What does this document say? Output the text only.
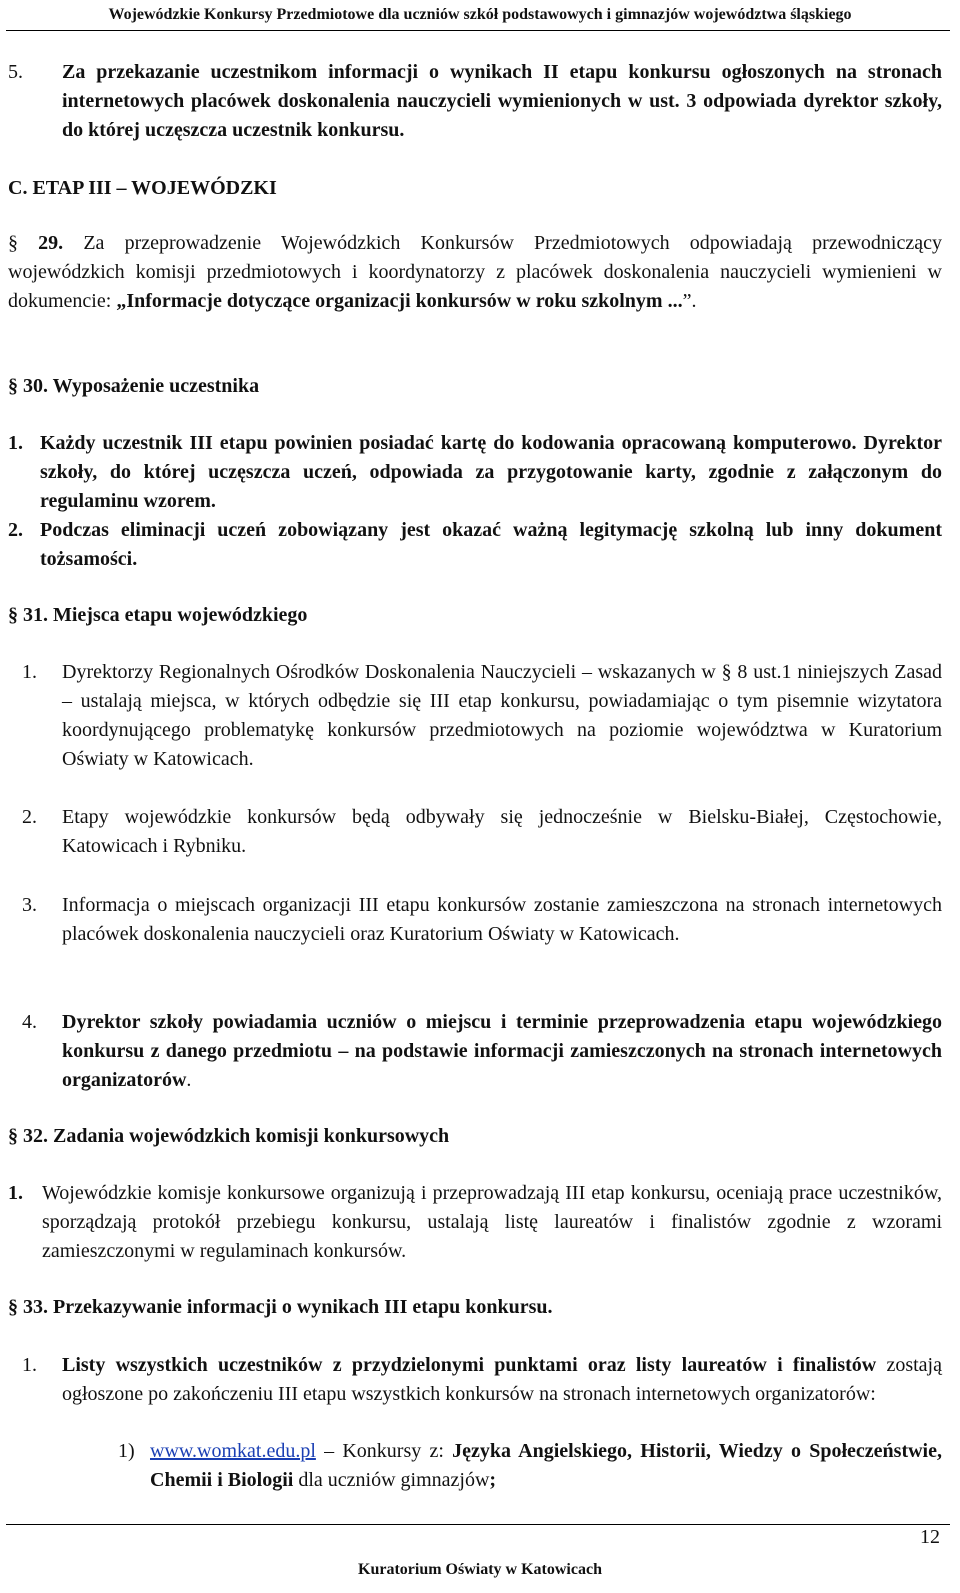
Wojewódzkie Konkursy Przedmiotowe dla uczniów szkół podstawowych i gimnazjów województwa śląskiego
5. Za przekazanie uczestnikom informacji o wynikach II etapu konkursu ogłoszonych na stronach internetowych placówek doskonalenia nauczycieli wymienionych w ust. 3 odpowiada dyrektor szkoły, do której uczęszcza uczestnik konkursu.
C. ETAP III – WOJEWÓDZKI
§ 29. Za przeprowadzenie Wojewódzkich Konkursów Przedmiotowych odpowiadają przewodniczący wojewódzkich komisji przedmiotowych i koordynatorzy z placówek doskonalenia nauczycieli wymienieni w dokumencie: „Informacje dotyczące organizacji konkursów w roku szkolnym ...”.
§ 30. Wyposażenie uczestnika
1. Każdy uczestnik III etapu powinien posiadać kartę do kodowania opracowaną komputerowo. Dyrektor szkoły, do której uczęszcza uczeń, odpowiada za przygotowanie karty, zgodnie z załączonym do regulaminu wzorem.
2. Podczas eliminacji uczeń zobowiązany jest okazać ważną legitymację szkolną lub inny dokument tożsamości.
§ 31. Miejsca etapu wojewódzkiego
1. Dyrektorzy Regionalnych Ośrodków Doskonalenia Nauczycieli – wskazanych w § 8 ust.1 niniejszych Zasad – ustalają miejsca, w których odbędzie się III etap konkursu, powiadamiając o tym pisemnie wizytatora koordynującego problematykę konkursów przedmiotowych na poziomie województwa w Kuratorium Oświaty w Katowicach.
2. Etapy wojewódzkie konkursów będą odbywały się jednocześnie w Bielsku-Białej, Częstochowie, Katowicach i Rybniku.
3. Informacja o miejscach organizacji III etapu konkursów zostanie zamieszczona na stronach internetowych placówek doskonalenia nauczycieli oraz Kuratorium Oświaty w Katowicach.
4. Dyrektor szkoły powiadamia uczniów o miejscu i terminie przeprowadzenia etapu wojewódzkiego konkursu z danego przedmiotu – na podstawie informacji zamieszczonych na stronach internetowych organizatorów.
§ 32. Zadania wojewódzkich komisji konkursowych
1. Wojewódzkie komisje konkursowe organizują i przeprowadzają III etap konkursu, oceniają prace uczestników, sporządzają protokół przebiegu konkursu, ustalają listę laureatów i finalistów zgodnie z wzorami zamieszczonymi w regulaminach konkursów.
§ 33. Przekazywanie informacji o wynikach III etapu konkursu.
1. Listy wszystkich uczestników z przydzielonymi punktami oraz listy laureatów i finalistów zostają ogłoszone po zakończeniu III etapu wszystkich konkursów na stronach internetowych organizatorów:
1) www.womkat.edu.pl – Konkursy z: Języka Angielskiego, Historii, Wiedzy o Społeczeństwie, Chemii i Biologii dla uczniów gimnazjów;
12
Kuratorium Oświaty w Katowicach
